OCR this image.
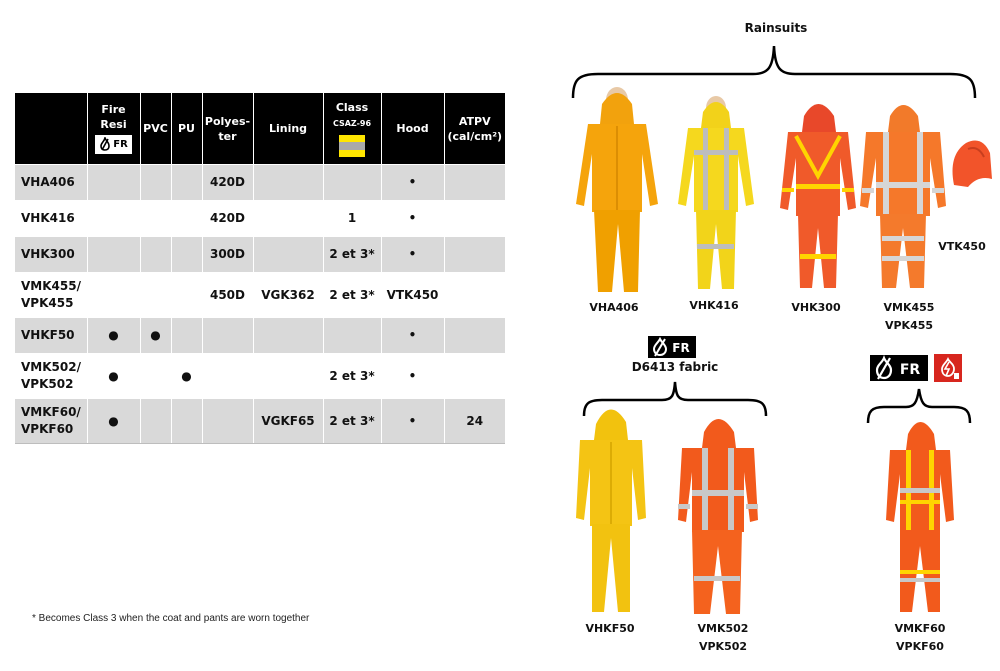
	Fire Resi

FR	PVC	PU	Polyes-
ter	Lining	Class
CSAZ-96	Hood	ATPV
(cal/cm²)
VHA406				420D			•	
VHK416				420D		1	•	
VHK300				300D		2 et 3*	•	
VMK455/
VPK455				450D	VGK362	2 et 3*	VTK450	
VHKF50	●	●					•	
VMK502/
VPK502	●		●			2 et 3*	•	
VMKF60/
VPKF60	●				VGKF65	2 et 3*	•	24
* Becomes Class 3 when the coat and pants are worn together
Rainsuits
VHA406	VHK416	VHK300	VMK455
VPK455
VTK450
FR
D6413 fabric	FR
VHKF50	VMK502
VPK502
VMKF60
VPKF60
